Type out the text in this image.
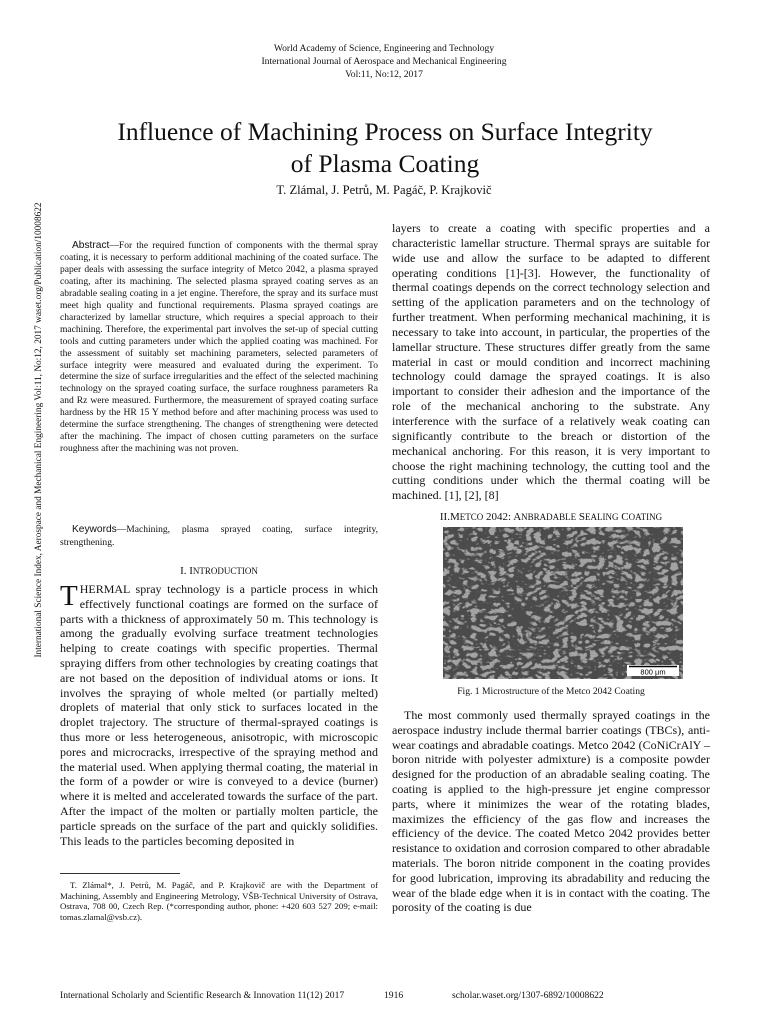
World Academy of Science, Engineering and Technology
International Journal of Aerospace and Mechanical Engineering
Vol:11, No:12, 2017
Influence of Machining Process on Surface Integrity
of Plasma Coating
T. Zlámal, J. Petrů, M. Pagáč, P. Krajkovič
International Science Index, Aerospace and Mechanical Engineering Vol:11, No:12, 2017 waset.org/Publication/10008622	Abstract—For the required function of components with the thermal spray coating, it is necessary to perform additional machining of the coated surface. The paper deals with assessing the surface integrity of Metco 2042, a plasma sprayed coating, after its machining. The selected plasma sprayed coating serves as an abradable sealing coating in a jet engine. Therefore, the spray and its surface must meet high quality and functional requirements. Plasma sprayed coatings are characterized by lamellar structure, which requires a special approach to their machining. Therefore, the experimental part involves the set-up of special cutting tools and cutting parameters under which the applied coating was machined. For the assessment of suitably set machining parameters, selected parameters of surface integrity were measured and evaluated during the experiment. To determine the size of surface irregularities and the effect of the selected machining technology on the sprayed coating surface, the surface roughness parameters Ra and Rz were measured. Furthermore, the measurement of sprayed coating surface hardness by the HR 15 Y method before and after machining process was used to determine the surface strengthening. The changes of strengthening were detected after the machining. The impact of chosen cutting parameters on the surface roughness after the machining was not proven.

Keywords—Machining, plasma sprayed coating, surface integrity, strengthening.

I. INTRODUCTION

THERMAL spray technology is a particle process in which effectively functional coatings are formed on the surface of parts with a thickness of approximately 50 m. This technology is among the gradually evolving surface treatment technologies helping to create coatings with specific properties. Thermal spraying differs from other technologies by creating coatings that are not based on the deposition of individual atoms or ions. It involves the spraying of whole melted (or partially melted) droplets of material that only stick to surfaces located in the droplet trajectory. The structure of thermal-sprayed coatings is thus more or less heterogeneous, anisotropic, with microscopic pores and microcracks, irrespective of the spraying method and the material used. When applying thermal coating, the material in the form of a powder or wire is conveyed to a device (burner) where it is melted and accelerated towards the surface of the part. After the impact of the molten or partially molten particle, the particle spreads on the surface of the part and quickly solidifies. This leads to the particles becoming deposited in

T. Zlámal*, J. Petrů, M. Pagáč, and P. Krajkovič are with the Department of Machining, Assembly and Engineering Metrology, VŠB-Technical University of Ostrava, Ostrava, 708 00, Czech Rep. (*corresponding author, phone: +420 603 527 209; e-mail: tomas.zlamal@vsb.cz).

layers to create a coating with specific properties and a characteristic lamellar structure. Thermal sprays are suitable for wide use and allow the surface to be adapted to different operating conditions [1]-[3]. However, the functionality of thermal coatings depends on the correct technology selection and setting of the application parameters and on the technology of further treatment. When performing mechanical machining, it is necessary to take into account, in particular, the properties of the lamellar structure. These structures differ greatly from the same material in cast or mould condition and incorrect machining technology could damage the sprayed coatings. It is also important to consider their adhesion and the importance of the role of the mechanical anchoring to the substrate. Any interference with the surface of a relatively weak coating can significantly contribute to the breach or distortion of the mechanical anchoring. For this reason, it is very important to choose the right machining technology, the cutting tool and the cutting conditions under which the thermal coating will be machined. [1], [2], [8]

II.METCO 2042: ANBRADABLE SEALING COATING
800 µm
Fig. 1 Microstructure of the Metco 2042 Coating

The most commonly used thermally sprayed coatings in the aerospace industry include thermal barrier coatings (TBCs), anti-wear coatings and abradable coatings. Metco 2042 (CoNiCrAlY – boron nitride with polyester admixture) is a composite powder designed for the production of an abradable sealing coating. The coating is applied to the high-pressure jet engine compressor parts, where it minimizes the wear of the rotating blades, maximizes the efficiency of the gas flow and increases the efficiency of the device. The coated Metco 2042 provides better resistance to oxidation and corrosion compared to other abradable materials. The boron nitride component in the coating provides for good lubrication, improving its abradability and reducing the wear of the blade edge when it is in contact with the coating. The porosity of the coating is due

International Scholarly and Scientific Research & Innovation 11(12) 2017	1916	scholar.waset.org/1307-6892/10008622
